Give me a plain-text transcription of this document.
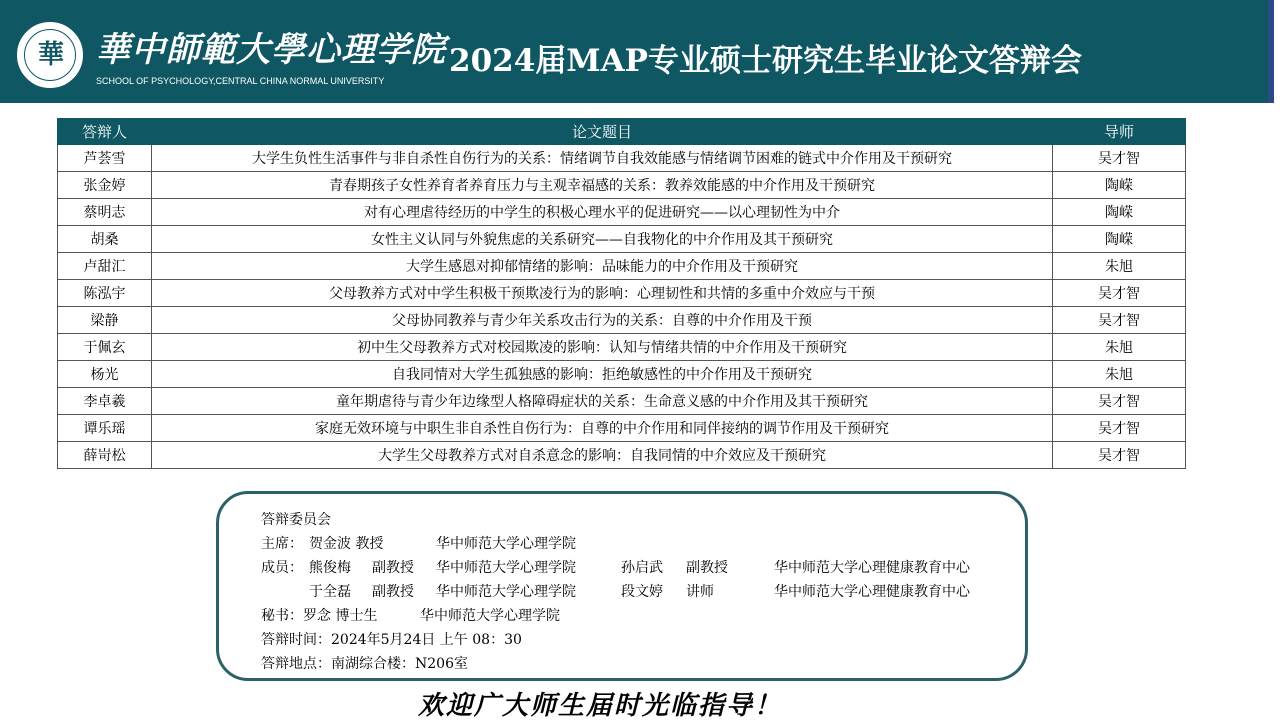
華 華中師範大學心理学院
SCHOOL OF PSYCHOLOGY,CENTRAL CHINA NORMAL UNIVERSITY
2024届MAP专业硕士研究生毕业论文答辩会
答辩人	论文题目	导师
芦荟雪	大学生负性生活事件与非自杀性自伤行为的关系：情绪调节自我效能感与情绪调节困难的链式中介作用及干预研究	吴才智
张金婷	青春期孩子女性养育者养育压力与主观幸福感的关系：教养效能感的中介作用及干预研究	陶嵘
蔡明志	对有心理虐待经历的中学生的积极心理水平的促进研究——以心理韧性为中介	陶嵘
胡桑	女性主义认同与外貌焦虑的关系研究——自我物化的中介作用及其干预研究	陶嵘
卢甜汇	大学生感恩对抑郁情绪的影响：品味能力的中介作用及干预研究	朱旭
陈泓宇	父母教养方式对中学生积极干预欺凌行为的影响：心理韧性和共情的多重中介效应与干预	吴才智
梁静	父母协同教养与青少年关系攻击行为的关系：自尊的中介作用及干预	吴才智
于佩玄	初中生父母教养方式对校园欺凌的影响：认知与情绪共情的中介作用及干预研究	朱旭
杨光	自我同情对大学生孤独感的影响：拒绝敏感性的中介作用及干预研究	朱旭
李卓羲	童年期虐待与青少年边缘型人格障碍症状的关系：生命意义感的中介作用及其干预研究	吴才智
谭乐瑶	家庭无效环境与中职生非自杀性自伤行为：自尊的中介作用和同伴接纳的调节作用及干预研究	吴才智
薛岢松	大学生父母教养方式对自杀意念的影响：自我同情的中介效应及干预研究	吴才智
答辩委员会
主席： 贺金波 教授	华中师范大学心理学院
成员： 熊俊梅 副教授 华中师范大学心理学院	孙启武 副教授	华中师范大学心理健康教育中心
于全磊 副教授 华中师范大学心理学院	段文婷 讲师	华中师范大学心理健康教育中心
秘书：罗念 博士生	华中师范大学心理学院
答辩时间：2024年5月24日 上午 08：30
答辩地点：南湖综合楼：N206室
欢迎广大师生届时光临指导！
